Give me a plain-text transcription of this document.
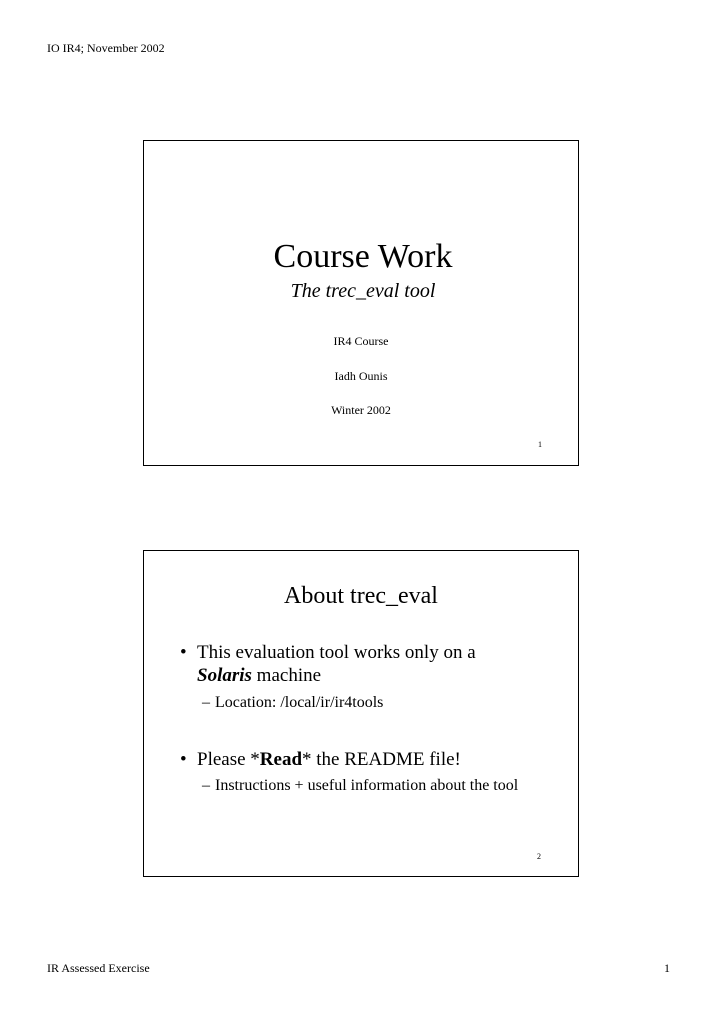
IO IR4; November 2002
Course Work
The trec_eval tool
IR4 Course
Iadh Ounis
Winter 2002
1
About trec_eval
• This evaluation tool works only on a
Solaris machine
– Location: /local/ir/ir4tools
• Please *Read* the README file!
– Instructions + useful information about the tool
2
IR Assessed Exercise	1
